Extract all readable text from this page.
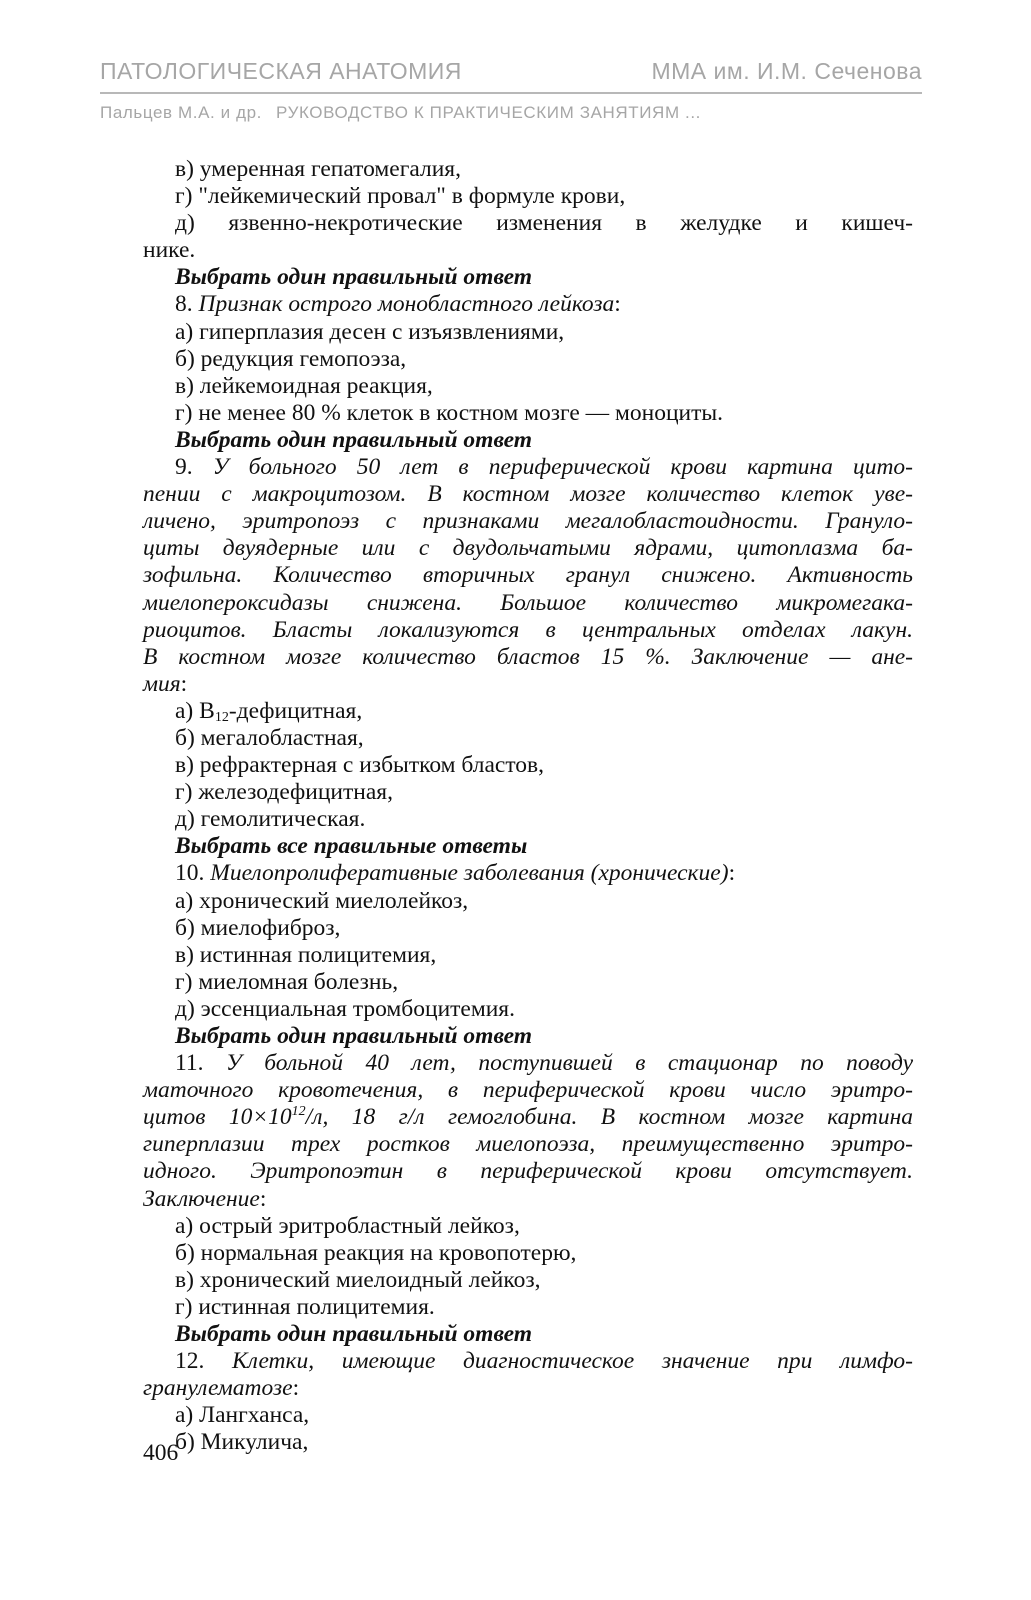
ПАТОЛОГИЧЕСКАЯ АНАТОМИЯ	ММА им. И.М. Сеченова
Пальцев М.А. и др. РУКОВОДСТВО К ПРАКТИЧЕСКИМ ЗАНЯТИЯМ ...
в) умеренная гепатомегалия,
г) "лейкемический провал" в формуле крови,
д) язвенно-некротические изменения в желудке и кишеч-
нике.
Выбрать один правильный ответ
8. Признак острого монобластного лейкоза:
а) гиперплазия десен с изъязвлениями,
б) редукция гемопоэза,
в) лейкемоидная реакция,
г) не менее 80 % клеток в костном мозге — моноциты.
Выбрать один правильный ответ
9. У больного 50 лет в периферической крови картина цито-
пении с макроцитозом. В костном мозге количество клеток уве-
личено, эритропоэз с признаками мегалобластоидности. Грануло-
циты двуядерные или с двудольчатыми ядрами, цитоплазма ба-
зофильна. Количество вторичных гранул снижено. Активность
миелопероксидазы снижена. Большое количество микромегака-
риоцитов. Бласты локализуются в центральных отделах лакун.
В костном мозге количество бластов 15 %. Заключение — ане-
мия:
а) $B_{12}$-дефицитная,
б) мегалобластная,
в) рефрактерная с избытком бластов,
г) железодефицитная,
д) гемолитическая.
Выбрать все правильные ответы
10. Миелопролиферативные заболевания (хронические):
а) хронический миелолейкоз,
б) миелофиброз,
в) истинная полицитемия,
г) миеломная болезнь,
д) эссенциальная тромбоцитемия.
Выбрать один правильный ответ
11. У больной 40 лет, поступившей в стационар по поводу
маточного кровотечения, в периферической крови число эритро-
цитов $10\times 10^{12}/л$, 18 г/л гемоглобина. В костном мозге картина
гиперплазии трех ростков миелопоэза, преимущественно эритро-
идного. Эритропоэтин в периферической крови отсутствует.
Заключение:
а) острый эритробластный лейкоз,
б) нормальная реакция на кровопотерю,
в) хронический миелоидный лейкоз,
г) истинная полицитемия.
Выбрать один правильный ответ
12. Клетки, имеющие диагностическое значение при лимфо-
гранулематозе:
а) Лангханса,
б) Микулича,
406
